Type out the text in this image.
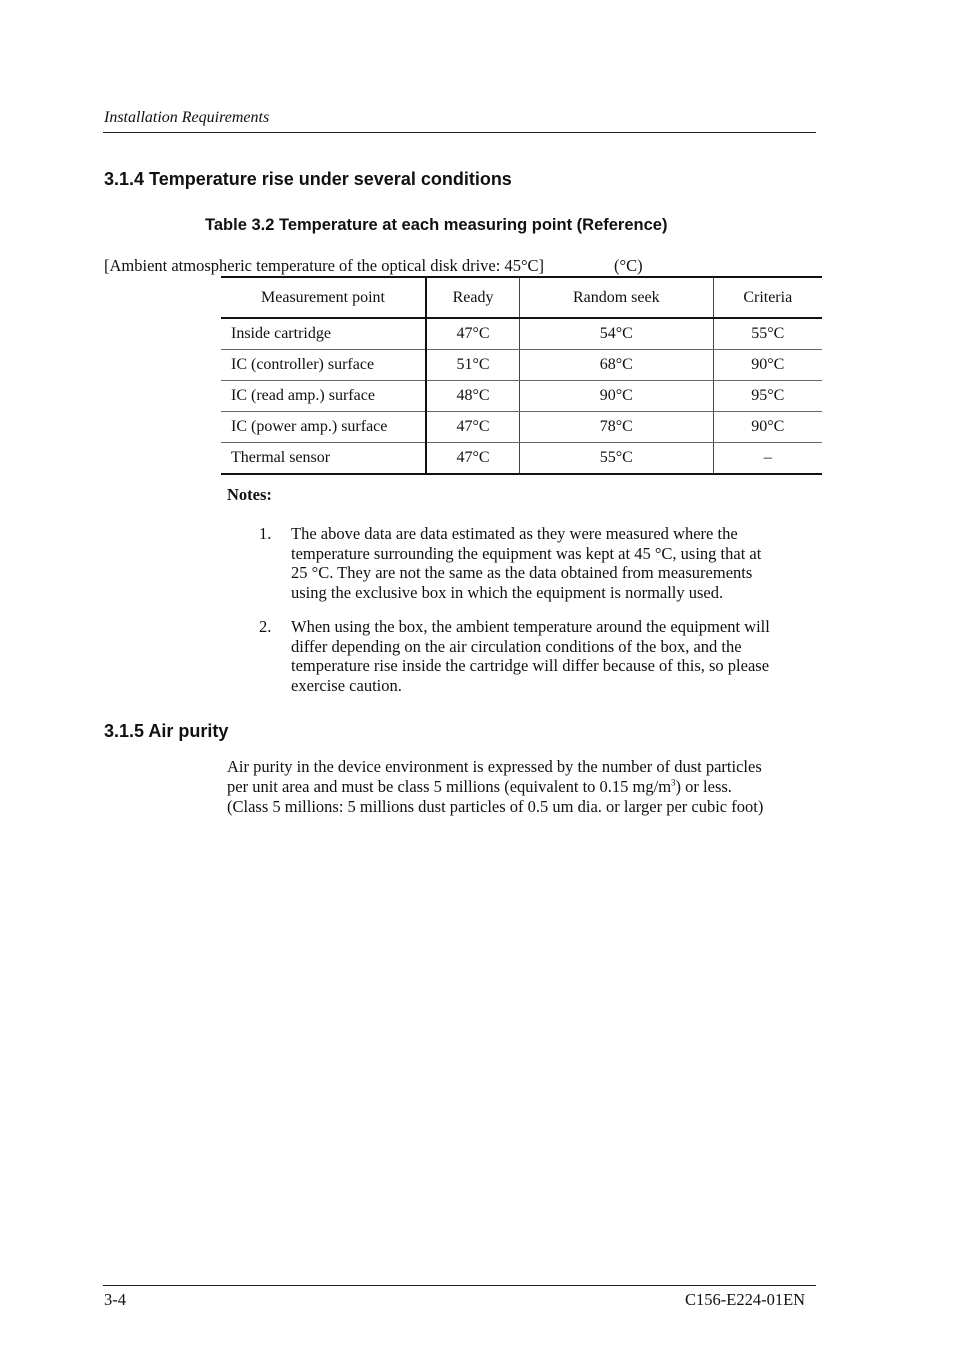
Installation Requirements
3.1.4 Temperature rise under several conditions
Table 3.2 Temperature at each measuring point (Reference)
[Ambient atmospheric temperature of the optical disk drive: 45°C]	(°C)
Measurement point	Ready	Random seek	Criteria
Inside cartridge	47°C	54°C	55°C
IC (controller) surface	51°C	68°C	90°C
IC (read amp.) surface	48°C	90°C	95°C
IC (power amp.) surface	47°C	78°C	90°C
Thermal sensor	47°C	55°C	–
Notes:
1. The above data are data estimated as they were measured where the
temperature surrounding the equipment was kept at 45 °C, using that at
25 °C. They are not the same as the data obtained from measurements
using the exclusive box in which the equipment is normally used.
2. When using the box, the ambient temperature around the equipment will
differ depending on the air circulation conditions of the box, and the
temperature rise inside the cartridge will differ because of this, so please
exercise caution.
3.1.5 Air purity
Air purity in the device environment is expressed by the number of dust particles
per unit area and must be class 5 millions (equivalent to 0.15 $mg/m^3$) or less.
(Class 5 millions: 5 millions dust particles of 0.5 um dia. or larger per cubic foot)
3-4	C156-E224-01EN
